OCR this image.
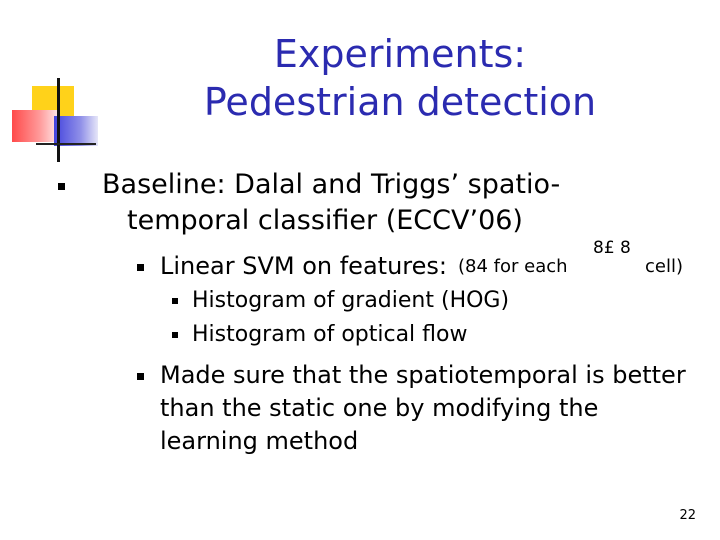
Experiments:
Pedestrian detection
Baseline: Dalal and Triggs’ spatio-
temporal classifier (ECCV’06)
Linear SVM on features: (84 for each
8£ 8
cell)
Histogram of gradient (HOG)
Histogram of optical flow
Made sure that the spatiotemporal is better
than the static one by modifying the
learning method
22
